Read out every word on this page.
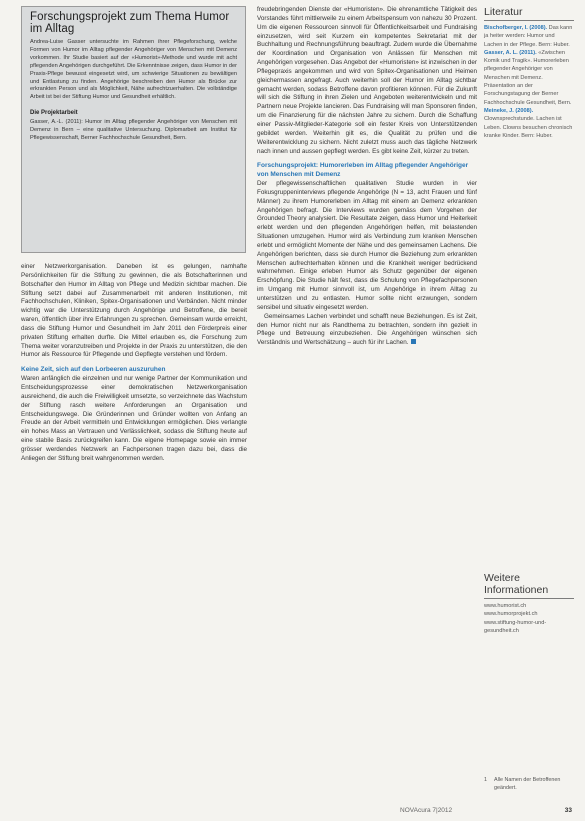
Forschungsprojekt zum Thema Humor im Alltag

Andrea-Luise Gasser untersuchte im Rahmen ihrer Pflegeforschung, welche Formen von Humor im Alltag pflegender Angehöriger von Menschen mit Demenz vorkommen. Ihr Studie basiert auf der «Humorist»-Methode und wurde mit acht pflegenden Angehörigen durchgeführt. Die Erkenntnisse zeigen, dass Humor in der Praxis-Pflege bewusst eingesetzt wird, um schwierige Situationen zu bewältigen und Entlastung zu finden. Angehörige beschreiben den Humor als Brücke zur erkrankten Person und als Möglichkeit, Nähe aufrechtzuerhalten. Die vollständige Arbeit ist bei der Stiftung Humor und Gesundheit erhältlich.

Die Projektarbeit

Gasser, A.-L. (2011): Humor im Alltag pflegender Angehöriger von Menschen mit Demenz in Bern – eine qualitative Untersuchung. Diplomarbeit am Institut für Pflegewissenschaft, Berner Fachhochschule Gesundheit, Bern.

einer Netzwerkorganisation. Daneben ist es gelungen, namhafte Persönlichkeiten für die Stiftung zu gewinnen, die als Botschafterinnen und Botschafter den Humor im Alltag von Pflege und Medizin sichtbar machen. Die Stiftung setzt dabei auf Zusammenarbeit mit anderen Institutionen, mit Fachhochschulen, Kliniken, Spitex-Organisationen und Verbänden. Nicht minder wichtig war die Unterstützung durch Angehörige und Betroffene, die bereit waren, öffentlich über ihre Erfahrungen zu sprechen. Gemeinsam wurde erreicht, dass die Stiftung Humor und Gesundheit im Jahr 2011 den Förderpreis einer privaten Stiftung erhalten durfte. Die Mittel erlauben es, die Forschung zum Thema weiter voranzutreiben und Projekte in der Praxis zu unterstützen, die den Humor als Ressource für Pflegende und Gepflegte verstehen und fördern.

Keine Zeit, sich auf den Lorbeeren auszuruhen

Waren anfänglich die einzelnen und nur wenige Partner der Kommunikation und Entscheidungsprozesse einer demokratischen Netzwerkorganisation ausreichend, die auch die Freiwilligkeit umsetzte, so verzeichnete das Wachstum der Stiftung rasch weitere Anforderungen an Organisation und Entscheidungswege. Die Gründerinnen und Gründer wollten von Anfang an Freude an der Arbeit vermitteln und Entwicklungen ermöglichen. Dies verlangte ein hohes Mass an Vertrauen und Verlässlichkeit, sodass die Stiftung heute auf eine stabile Basis zurückgreifen kann. Die eigene Homepage sowie ein immer grösser werdendes Netzwerk an Fachpersonen tragen dazu bei, dass die Anliegen der Stiftung breit wahrgenommen werden.

freudebringenden Dienste der «Humoristen». Die ehrenamtliche Tätigkeit des Vorstandes führt mittlerweile zu einem Arbeitspensum von nahezu 30 Prozent. Um die eigenen Ressourcen sinnvoll für Öffentlichkeitsarbeit und Fundraising einzusetzen, wird seit Kurzem ein kompetentes Sekretariat mit der Buchhaltung und Rechnungsführung beauftragt. Zudem wurde die Übernahme der Koordination und Organisation von Anlässen für Menschen mit Angehörigen vorgesehen. Das Angebot der «Humoristen» ist inzwischen in der Pflegepraxis angekommen und wird von Spitex-Organisationen und Heimen gleichermassen angefragt. Auch weiterhin soll der Humor im Alltag sichtbar gemacht werden, sodass Betroffene davon profitieren können. Für die Zukunft will sich die Stiftung in ihren Zielen und Angeboten weiterentwickeln und mit Partnern neue Projekte lancieren. Das Fundraising will man Sponsoren finden, um die Finanzierung für die nächsten Jahre zu sichern. Durch die Schaffung einer Passiv-Mitglieder-Kategorie soll ein fester Kreis von Unterstützenden gebildet werden. Weiterhin gilt es, die Qualität zu prüfen und die Weiterentwicklung zu sichern. Nicht zuletzt muss auch das tägliche Netzwerk nach innen und aussen gepflegt werden. Es gibt keine Zeit, kürzer zu treten.

Forschungsprojekt: Humorerleben im Alltag pflegender Angehöriger von Menschen mit Demenz

Der pflegewissenschaftlichen qualitativen Studie wurden in vier Fokusgruppeninterviews pflegende Angehörige (N = 13, acht Frauen und fünf Männer) zu ihrem Humorerleben im Alltag mit einem an Demenz erkrankten Angehörigen befragt. Die Interviews wurden gemäss dem Vorgehen der Grounded Theory analysiert. Die Resultate zeigen, dass Humor und Heiterkeit erlebt werden und den pflegenden Angehörigen helfen, mit belastenden Situationen umzugehen. Humor wird als Verbindung zum kranken Menschen erlebt und ermöglicht Momente der Nähe und des gemeinsamen Lachens. Die Angehörigen berichten, dass sie durch Humor die Beziehung zum erkrankten Menschen aufrechterhalten können und die Krankheit weniger bedrückend wahrnehmen. Einige erleben Humor als Schutz gegenüber der eigenen Erschöpfung. Die Studie hält fest, dass die Schulung von Pflegefachpersonen im Umgang mit Humor sinnvoll ist, um Angehörige in ihrem Alltag zu unterstützen und zu entlasten. Humor sollte nicht erzwungen, sondern sensibel und situativ eingesetzt werden.

Gemeinsames Lachen verbindet und schafft neue Beziehungen. Es ist Zeit, den Humor nicht nur als Randthema zu betrachten, sondern ihn gezielt in Pflege und Betreuung einzubeziehen. Die Angehörigen wünschen sich Verständnis und Wertschätzung – auch für ihr Lachen.

Literatur

Bischofberger, I. (2008). Das kann ja heiter werden: Humor und Lachen in der Pflege. Bern: Huber.

Gasser, A. L. (2011). «Zwischen Komik und Tragik». Humorerleben pflegender Angehöriger von Menschen mit Demenz. Präsentation an der Forschungstagung der Berner Fachhochschule Gesundheit, Bern.

Meineke, J. (2008). Clownsprechstunde. Lachen ist Leben. Clowns besuchen chronisch kranke Kinder. Bern: Huber.

Weitere Informationen
www.humorist.ch
www.humorprojekt.ch
www.stiftung-humor-und-gesundheit.ch
1 Alle Namen der Betroffenen geändert.
NOVAcura 7|2012	33
